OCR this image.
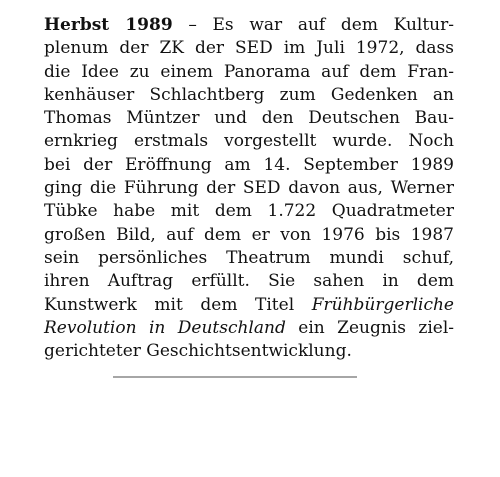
Herbst 1989 – Es war auf dem Kultur-
plenum der ZK der SED im Juli 1972, dass
die Idee zu einem Panorama auf dem Fran-
kenhäuser Schlachtberg zum Gedenken an
Thomas Müntzer und den Deutschen Bau-
ernkrieg erstmals vorgestellt wurde. Noch
bei der Eröffnung am 14. September 1989
ging die Führung der SED davon aus, Werner
Tübke habe mit dem 1.722 Quadratmeter
großen Bild, auf dem er von 1976 bis 1987
sein persönliches Theatrum mundi schuf,
ihren Auftrag erfüllt. Sie sahen in dem
Kunstwerk mit dem Titel Frühbürgerliche
Revolution in Deutschland ein Zeugnis ziel-
gerichteter Geschichtsentwicklung.
